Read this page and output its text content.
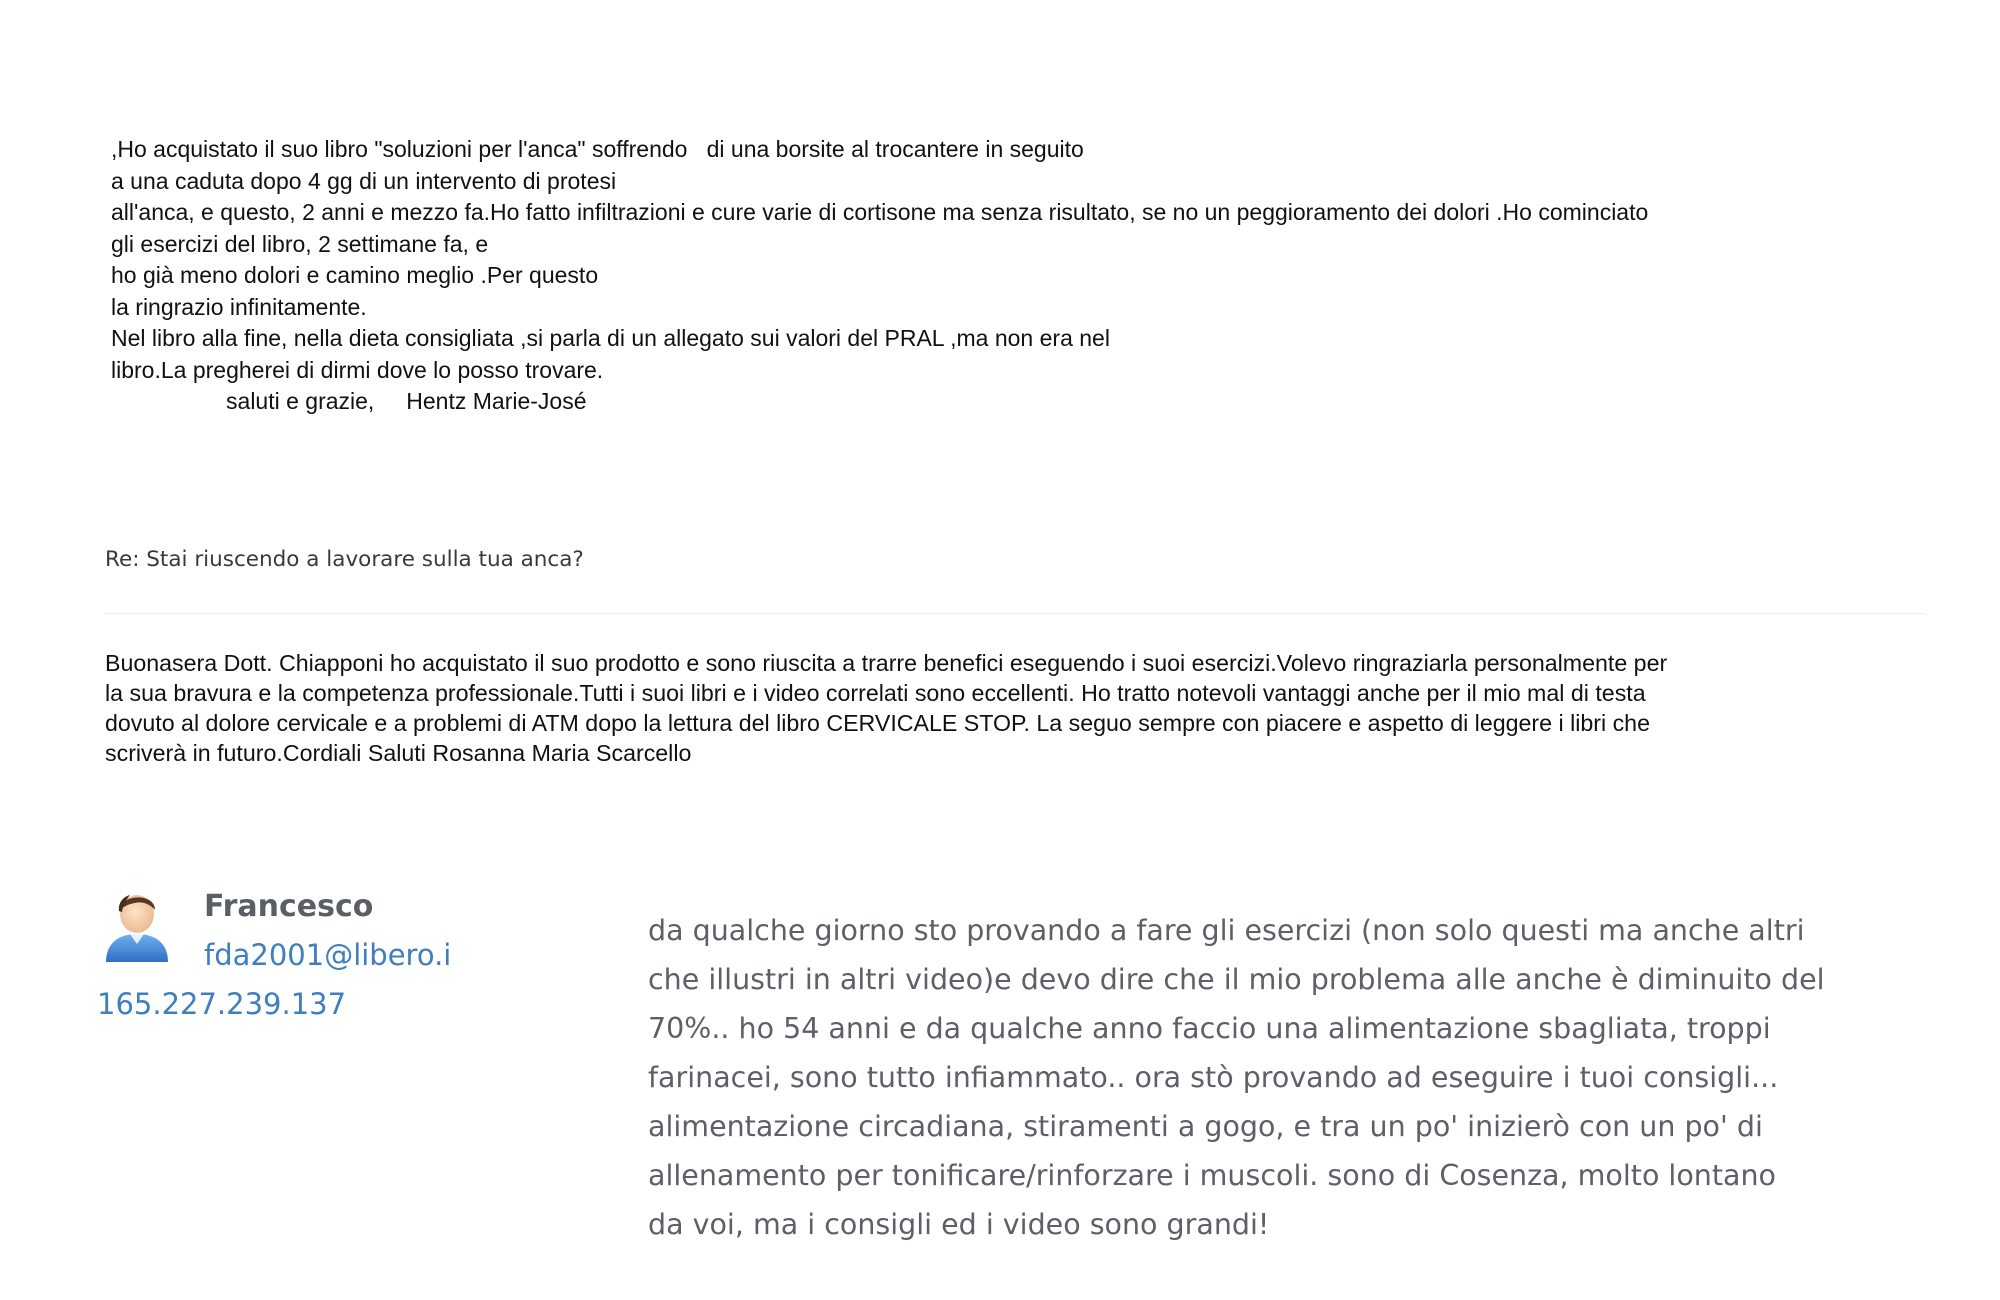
,Ho acquistato il suo libro "soluzioni per l'anca" soffrendo   di una borsite al trocantere in seguito
a una caduta dopo 4 gg di un intervento di protesi
all'anca, e questo, 2 anni e mezzo fa.Ho fatto infiltrazioni e cure varie di cortisone ma senza risultato, se no un peggioramento dei dolori .Ho cominciato
gli esercizi del libro, 2 settimane fa, e
ho già meno dolori e camino meglio .Per questo
la ringrazio infinitamente.
Nel libro alla fine, nella dieta consigliata ,si parla di un allegato sui valori del PRAL ,ma non era nel
libro.La pregherei di dirmi dove lo posso trovare.
saluti e grazie,     Hentz Marie-José
Re: Stai riuscendo a lavorare sulla tua anca?
Buonasera Dott. Chiapponi ho acquistato il suo prodotto e sono riuscita a trarre benefici eseguendo i suoi esercizi.Volevo ringraziarla personalmente per
la sua bravura e la competenza professionale.Tutti i suoi libri e i video correlati sono eccellenti. Ho tratto notevoli vantaggi anche per il mio mal di testa
dovuto al dolore cervicale e a problemi di ATM dopo la lettura del libro CERVICALE STOP. La seguo sempre con piacere e aspetto di leggere i libri che
scriverà in futuro.Cordiali Saluti Rosanna Maria Scarcello
Francesco
fda2001@libero.i
165.227.239.137
da qualche giorno sto provando a fare gli esercizi (non solo questi ma anche altri
che illustri in altri video)e devo dire che il mio problema alle anche è diminuito del
70%.. ho 54 anni e da qualche anno faccio una alimentazione sbagliata, troppi
farinacei, sono tutto infiammato.. ora stò provando ad eseguire i tuoi consigli...
alimentazione circadiana, stiramenti a gogo, e tra un po' inizierò con un po' di
allenamento per tonificare/rinforzare i muscoli. sono di Cosenza, molto lontano
da voi, ma i consigli ed i video sono grandi!
